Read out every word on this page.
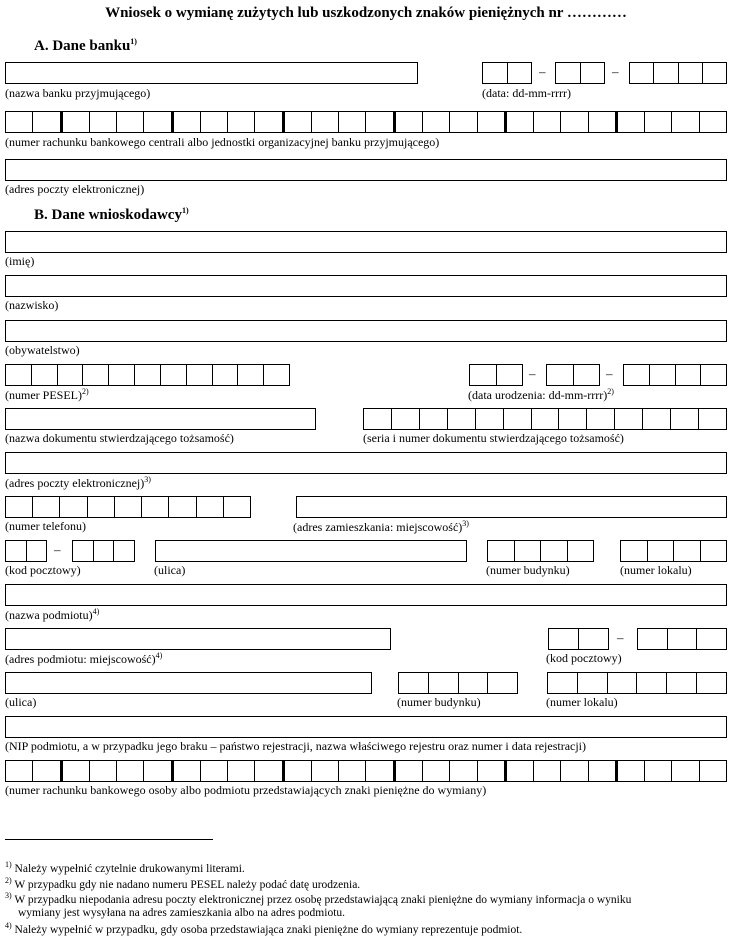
Wniosek o wymianę zużytych lub uszkodzonych znaków pieniężnych nr …………
A. Dane banku$^{1)}$
(nazwa banku przyjmującego)
–	–
(data: dd-mm-rrrr)
(numer rachunku bankowego centrali albo jednostki organizacyjnej banku przyjmującego)
(adres poczty elektronicznej)
B. Dane wnioskodawcy$^{1)}$
(imię)
(nazwisko)
(obywatelstwo)
(numer PESEL)$^{2)}$
–	–
(data urodzenia: dd-mm-rrrr)$^{2)}$
(nazwa dokumentu stwierdzającego tożsamość)	(seria i numer dokumentu stwierdzającego tożsamość)
(adres poczty elektronicznej)$^{3)}$
(numer telefonu)	(adres zamieszkania: miejscowość)$^{3)}$
–
(kod pocztowy)	(ulica)	(numer budynku)	(numer lokalu)
(nazwa podmiotu)$^{4)}$
(adres podmiotu: miejscowość)$^{4)}$
–
(kod pocztowy)
(ulica)	(numer budynku)	(numer lokalu)
(NIP podmiotu, a w przypadku jego braku – państwo rejestracji, nazwa właściwego rejestru oraz numer i data rejestracji)
(numer rachunku bankowego osoby albo podmiotu przedstawiających znaki pieniężne do wymiany)
$^{1)}$ Należy wypełnić czytelnie drukowanymi literami.
$^{2)}$ W przypadku gdy nie nadano numeru PESEL należy podać datę urodzenia.
$^{3)}$ W przypadku niepodania adresu poczty elektronicznej przez osobę przedstawiającą znaki pieniężne do wymiany informacja o wyniku
wymiany jest wysyłana na adres zamieszkania albo na adres podmiotu.
$^{4)}$ Należy wypełnić w przypadku, gdy osoba przedstawiająca znaki pieniężne do wymiany reprezentuje podmiot.
